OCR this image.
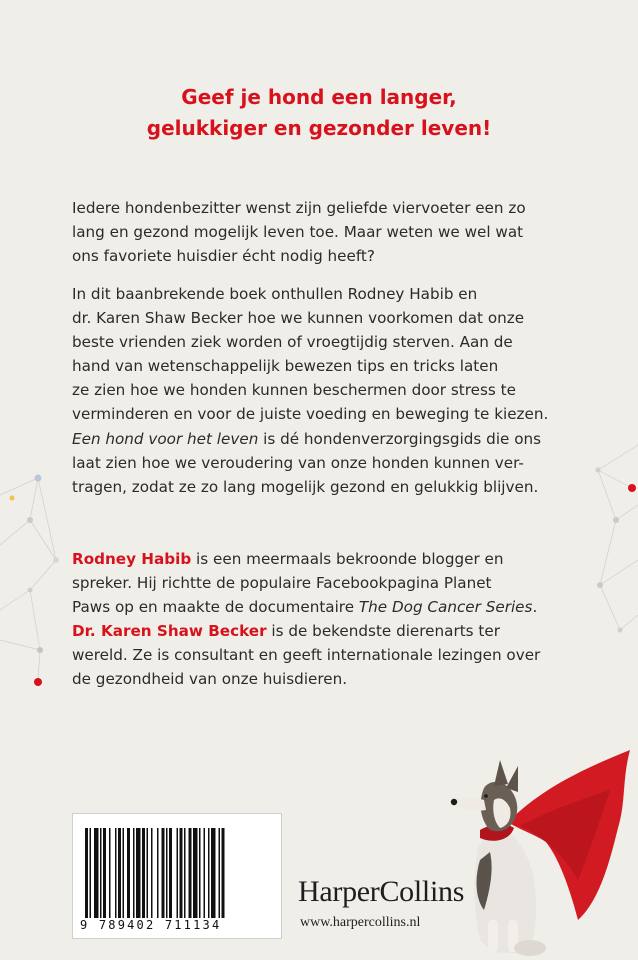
Geef je hond een langer,
gelukkiger en gezonder leven!

Iedere hondenbezitter wenst zijn geliefde viervoeter een zo
lang en gezond mogelijk leven toe. Maar weten we wel wat
ons favoriete huisdier écht nodig heeft?

In dit baanbrekende boek onthullen Rodney Habib en
dr. Karen Shaw Becker hoe we kunnen voorkomen dat onze
beste vrienden ziek worden of vroegtijdig sterven. Aan de
hand van wetenschappelijk bewezen tips en tricks laten
ze zien hoe we honden kunnen beschermen door stress te
verminderen en voor de juiste voeding en beweging te kiezen.

Een hond voor het leven is dé hondenverzorgingsgids die ons
laat zien hoe we veroudering van onze honden kunnen ver-
tragen, zodat ze zo lang mogelijk gezond en gelukkig blijven.

Rodney Habib is een meermaals bekroonde blogger en
spreker. Hij richtte de populaire Facebookpagina Planet
Paws op en maakte de documentaire The Dog Cancer Series.
Dr. Karen Shaw Becker is de bekendste dierenarts ter
wereld. Ze is consultant en geeft internationale lezingen over
de gezondheid van onze huisdieren.

9 789402 711134
HarperCollins
www.harpercollins.nl
